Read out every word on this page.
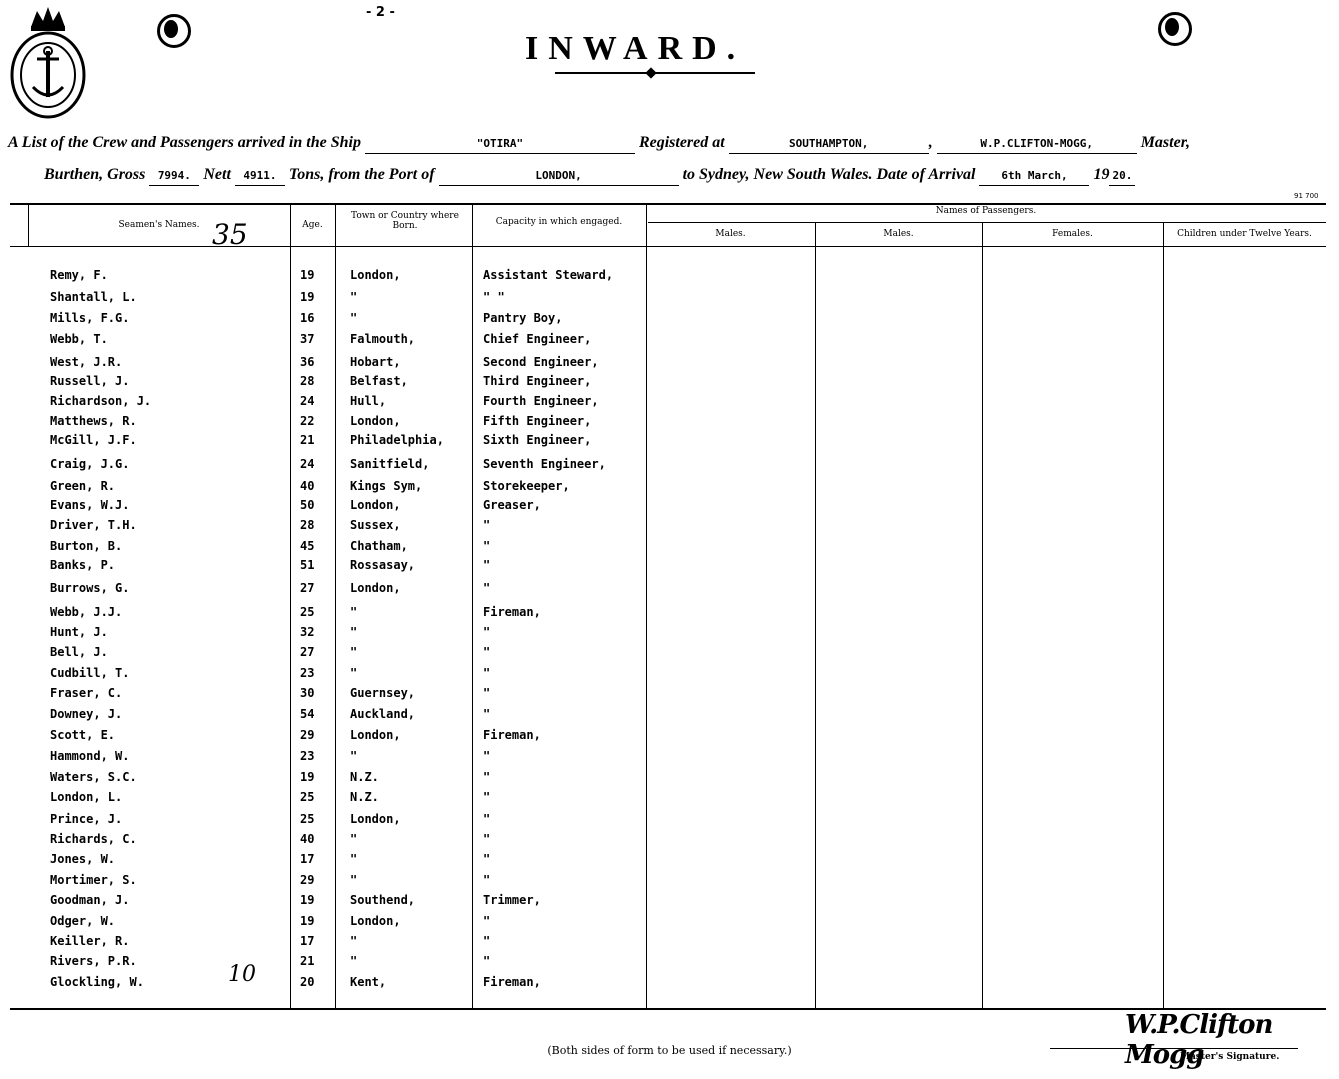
- 2 -
INWARD.
A List of the Crew and Passengers arrived in the Ship	"OTIRA"	Registered at	SOUTHAMPTON,	,	W.P.CLIFTON-MOGG,	Master,
Burthen, Gross 7994. Nett 4911. Tons, from the Port of	LONDON,	to Sydney, New South Wales. Date of Arrival 6th March, 19 20.
91 700
Seamen's Names.	Age.
Town or Country where Born.	Capacity in which engaged.
Names of Passengers.
Males.	Males.	Females.	Children under Twelve Years.
35
10
Remy, F.	19	London,	Assistant Steward,
Shantall, L.	19	"	" "
Mills, F.G.	16	"	Pantry Boy,
Webb, T.	37	Falmouth,	Chief Engineer,
West, J.R.	36	Hobart,	Second Engineer,
Russell, J.	28	Belfast,	Third Engineer,
Richardson, J.	24	Hull,	Fourth Engineer,
Matthews, R.	22	London,	Fifth Engineer,
McGill, J.F.	21	Philadelphia,	Sixth Engineer,
Craig, J.G.	24	Sanitfield,	Seventh Engineer,
Green, R.	40	Kings Sym,	Storekeeper,
Evans, W.J.	50	London,	Greaser,
Driver, T.H.	28	Sussex,	"
Burton, B.	45	Chatham,	"
Banks, P.	51	Rossasay,	"
Burrows, G.	27	London,	"
Webb, J.J.	25	"	Fireman,
Hunt, J.	32	"	"
Bell, J.	27	"	"
Cudbill, T.	23	"	"
Fraser, C.	30	Guernsey,	"
Downey, J.	54	Auckland,	"
Scott, E.	29	London,	Fireman,
Hammond, W.	23	"	"
Waters, S.C.	19	N.Z.	"
London, L.	25	N.Z.	"
Prince, J.	25	London,	"
Richards, C.	40	"	"
Jones, W.	17	"	"
Mortimer, S.	29	"	"
Goodman, J.	19	Southend,	Trimmer,
Odger, W.	19	London,	"
Keiller, R.	17	"	"
Rivers, P.R.	21	"	"
Glockling, W.	20	Kent,	Fireman,
(Both sides of form to be used if necessary.)
W.P.Clifton Mogg
Master's Signature.
